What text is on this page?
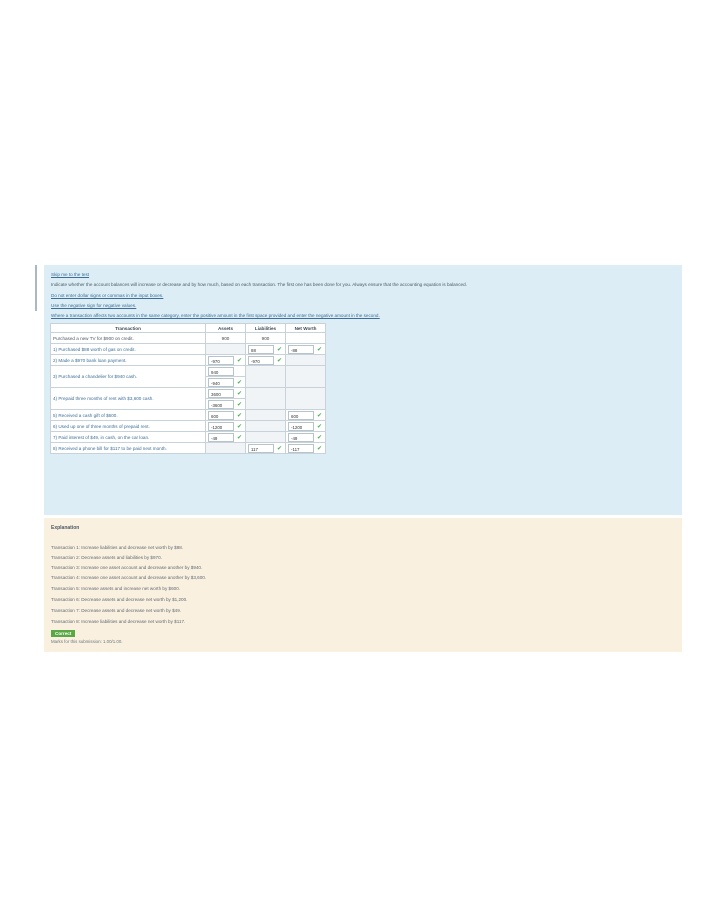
Skip me to the test
Indicate whether the account balances will increase or decrease and by how much, based on each transaction. The first one has been done for you. Always ensure that the accounting equation is balanced.
Do not enter dollar signs or commas in the input boxes.
Use the negative sign for negative values.
Where a transaction affects two accounts in the same category, enter the positive amount in the first space provided and enter the negative amount in the second.
Transaction	Assets	Liabilities	Net Worth
Purchased a new TV for $900 on credit.	900	900	
1) Purchased $88 worth of gas on credit.		88 ✔	-88 ✔
2) Made a $970 bank loan payment.	-970 ✔	-970 ✔	
3) Purchased a chandelier for $940 cash.	940		
	-940 ✔		
4) Prepaid three months of rent with $3,600 cash.	3600 ✔		
	-3600 ✔		
5) Received a cash gift of $600.	600 ✔		600 ✔
6) Used up one of three months of prepaid rent.	-1200 ✔		-1200 ✔
7) Paid interest of $49, in cash, on the car loan.	-49 ✔		-49 ✔
8) Received a phone bill for $117 to be paid next month.		117 ✔	-117 ✔
Explanation
Transaction 1: Increase liabilities and decrease net worth by $88.
Transaction 2: Decrease assets and liabilities by $970.
Transaction 3: Increase one asset account and decrease another by $940.
Transaction 4: Increase one asset account and decrease another by $3,600.
Transaction 5: Increase assets and increase net worth by $600.
Transaction 6: Decrease assets and decrease net worth by $1,200.
Transaction 7: Decrease assets and decrease net worth by $49.
Transaction 8: Increase liabilities and decrease net worth by $117.
Correct
Marks for this submission: 1.00/1.00.
